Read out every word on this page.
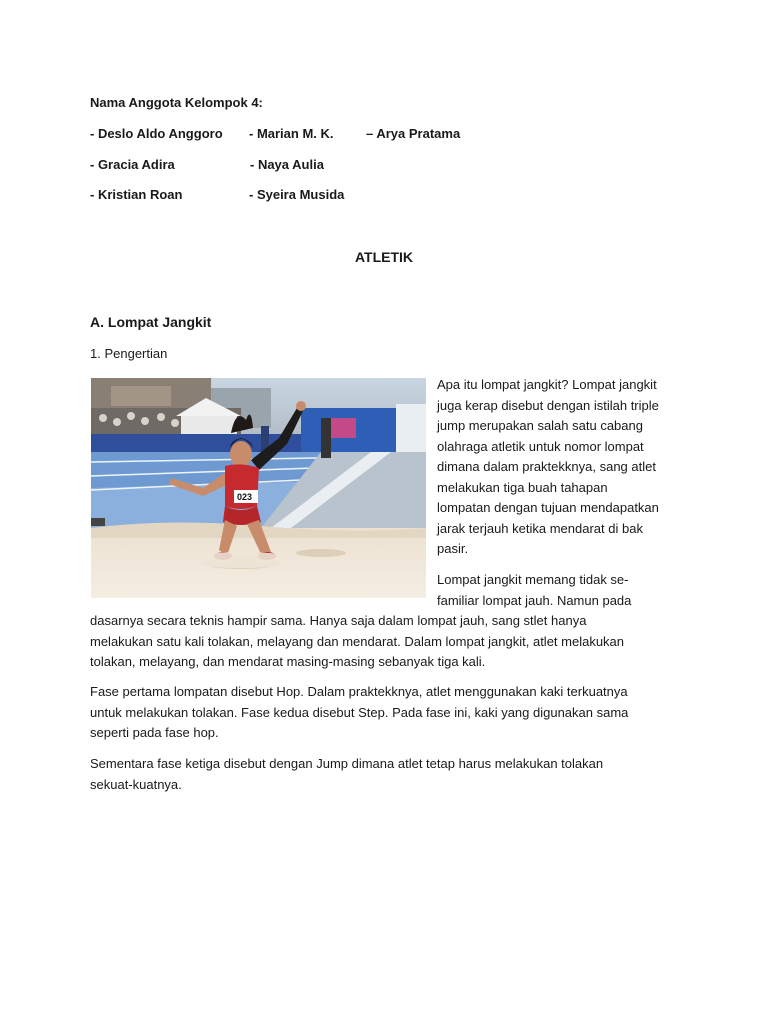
Nama Anggota Kelompok 4:
- Deslo Aldo Anggoro - Marian M. K. – Arya Pratama
- Gracia Adira	- Naya Aulia
- Kristian Roan	- Syeira Musida
ATLETIK
A. Lompat Jangkit
1. Pengertian
023
Apa itu lompat jangkit? Lompat jangkit
juga kerap disebut dengan istilah triple
jump merupakan salah satu cabang
olahraga atletik untuk nomor lompat
dimana dalam praktekknya, sang atlet
melakukan tiga buah tahapan
lompatan dengan tujuan mendapatkan
jarak terjauh ketika mendarat di bak
pasir.
Lompat jangkit memang tidak se-
familiar lompat jauh. Namun pada
dasarnya secara teknis hampir sama. Hanya saja dalam lompat jauh, sang stlet hanya
melakukan satu kali tolakan, melayang dan mendarat. Dalam lompat jangkit, atlet melakukan
tolakan, melayang, dan mendarat masing-masing sebanyak tiga kali.
Fase pertama lompatan disebut Hop. Dalam praktekknya, atlet menggunakan kaki terkuatnya
untuk melakukan tolakan. Fase kedua disebut Step. Pada fase ini, kaki yang digunakan sama
seperti pada fase hop.
Sementara fase ketiga disebut dengan Jump dimana atlet tetap harus melakukan tolakan
sekuat-kuatnya.
